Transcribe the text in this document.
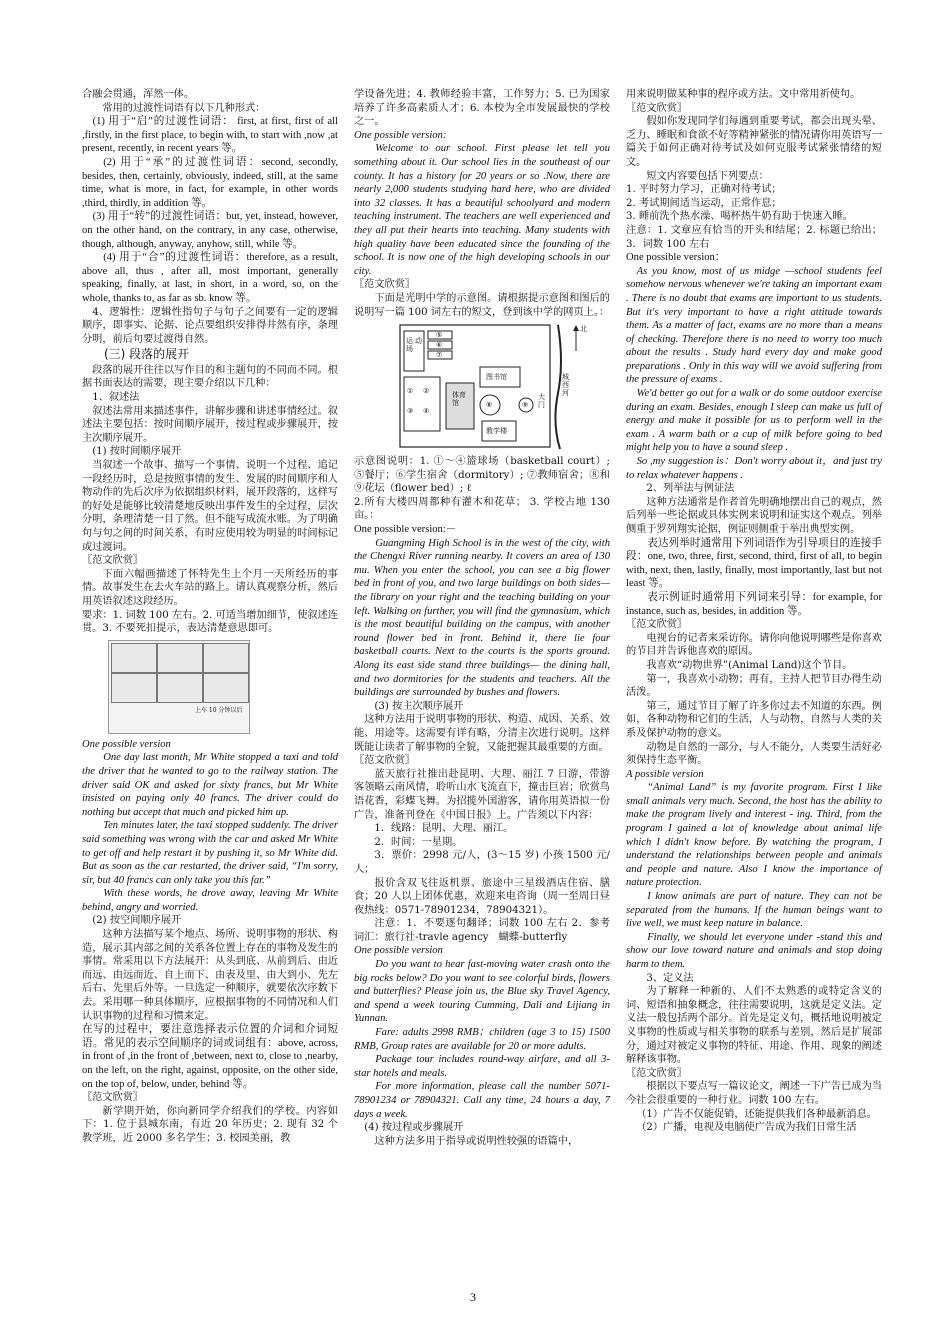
合融会贯通，浑然一体。

常用的过渡性词语有以下几种形式：

(1) 用于“启”的过渡性词语： first, at first, first of all ,firstly, in the first place, to begin with, to start with ,now ,at present, recently, in recent years 等。

(2) 用于“承”的过渡性词语：second, secondly, besides, then, certainly, obviously, indeed, still, at the same time, what is more, in fact, for example, in other words ,third, thirdly, in addition 等。

(3) 用于“转”的过渡性词语：but, yet, instead, however, on the other hand, on the contrary, in any case, otherwise, though, although, anyway, anyhow, still, while 等。

(4) 用于“合”的过渡性词语：therefore, as a result, above all, thus , after all, most important, generally speaking, finally, at last, in short, in a word, so, on the whole, thanks to, as far as sb. know 等。

4、逻辑性：逻辑性指句子与句子之间要有一定的逻辑顺序，即事实、论据、论点要组织安排得井然有序，条理分明，前后句要过渡得自然。

(三) 段落的展开

段落的展开往往以写作目的和主题句的不同而不同。根据书面表达的需要，现主要介绍以下几种：

1、叙述法

叙述法常用来描述事件，讲解步骤和讲述事情经过。叙述法主要包括：按时间顺序展开，按过程或步骤展开，按主次顺序展开。

(1) 按时间顺序展开

当叙述一个故事、描写一个事情、说明一个过程、追记一段经历时，总是按照事情的发生、发展的时间顺序和人物动作的先后次序为依据组织材料，展开段落的，这样写的好处是能够比较清楚地反映出事件发生的全过程，层次分明，条理清楚一目了然。但不能写成流水账。为了明确句与句之间的时间关系，有时应使用较为明显的时间标记或过渡词。

〖范文欣赏〗

下面六幅画描述了怀特先生上个月一天所经历的事情。故事发生在去火车站的路上。请认真观察分析，然后用英语叙述这段经历。

要求：1. 词数 100 左右。2. 可适当增加细节，使叙述连贯。3. 不要死扣提示，表达清楚意思即可。

上车 10 分钟以后

One possible version

One day last month, Mr White stopped a taxi and told the driver that he wanted to go to the railway station. The driver said OK and asked for sixty francs, but Mr White insisted on paying only 40 francs. The driver could do nothing but accept that much and picked him up.

Ten minutes later, the taxi stopped suddenly. The driver said something was wrong with the car and asked Mr White to get off and help restart it by pushing it, so Mr White did. But as soon as the car restarted, the driver said, “I'm sorry, sir, but 40 francs can only take you this far.”

With these words, he drove away, leaving Mr White behind, angry and worried.

(2) 按空间顺序展开

这种方法描写某个地点、场所、说明事物的形状、构造，展示其内部之间的关系各位置上存在的事物及发生的事情。常采用以下方法展开：从头到底、从前到后、由近而远、由远而近、自上而下、由表及里、由大到小、先左后右、先里后外等。一旦选定一种顺序，就要依次序数下去。采用哪一种具体顺序，应根据事物的不同情况和人们认识事物的过程和习惯来定。

在写的过程中，要注意选择表示位置的介词和介词短语。常见的表示空间顺序的词或词组有：above, across, in front of ,in the front of ,between, next to, close to ,nearby, on the left, on the right, against, opposite, on the other side, on the top of, below, under, behind 等。

〖范文欣赏〗

新学期开始，你向新同学介绍我们的学校。内容如下：1. 位于县城东南，有近 20 年历史；2. 现有 32 个教学班，近 2000 多名学生；3. 校园美丽，教

学设备先进；4. 教师经验丰富，工作努力；5. 已为国家培养了许多高素质人才；6. 本校为全市发展最快的学校之一。

One possible version:

Welcome to our school. First please let tell you something about it. Our school lies in the southeast of our county. It has a history for 20 years or so .Now, there are nearly 2,000 students studying hard here, who are divided into 32 classes. It has a beautiful schoolyard and modern teaching instrument. The teachers are well experienced and they all put their hearts into teaching. Many students with high quality have been educated since the founding of the school. It is now one of the high developing schools in our city.

〖范文欣赏〗

下面是光明中学的示意图。请根据提示意图和图后的说明写一篇 100 词左右的短文，登到该中学的网页上。：

运动场
⑤
⑥
⑦
① ②
③ ④
体育馆	⑧	⑨
图书馆
教学楼
大门
城西河
北

示意图说明：1. ①～④篮球场（basketball court）; ⑤餐厅；⑥学生宿舍（dormitory）; ⑦教师宿舍；⑧和⑨花坛（flower bed）; ℓ

2.所有大楼四周都种有灌木和花草； 3. 学校占地 130 亩。：

One possible version:－

Guangming High School is in the west of the city, with the Chengxi River running nearby. It covers an area of 130 mu. When you enter the school, you can see a big flower bed in front of you, and two large buildings on both sides— the library on your right and the teaching building on your left. Walking on further, you will find the gymnasium, which is the most beautiful building on the campus, with another round flower bed in front. Behind it, there lie four basketball courts. Next to the courts is the sports ground. Along its east side stand three buildings— the dining hall, and two dormitories for the students and teachers. All the buildings are surrounded by bushes and flowers.

(3) 按主次顺序展开

这种方法用于说明事物的形状、构造、成因、关系、效能、用途等。这需要有详有略，分清主次进行说明。这样既能让读者了解事物的全貌，又能把握其最重要的方面。

〖范文欣赏〗

蓝天旅行社推出赴昆明、大理、丽江 7 日游，带游客领略云南风情，聆听山水飞流直下，撞击巨岩；欣赏鸟语花香，彩蝶飞舞。为招揽外国游客，请你用英语拟一份广告，准备刊登在《中国日报》上。广告须以下内容：

1．线路：昆明、大理、丽江。

2．时间：一星期。

3．票价：2998 元/人，(3～15 岁) 小孩 1500 元/人；

报价含双飞往返机票、旅途中三星级酒店住宿、膳食；20 人以上团体优惠，欢迎来电咨询（周一至周日昼夜热线：0571-78901234，78904321）。

注意：1．不要逐句翻译；词数 100 左右 2．参考词汇：旅行社-travle agency　蝴蝶-butterfly

One possible version

Do you want to hear fast-moving water crash onto the big rocks below? Do you want to see colorful birds, flowers and butterflies? Please join us, the Blue sky Travel Agency, and spend a week touring Cumming, Dali and Lijiang in Yunnan.

Fare: adults 2998 RMB；children (age 3 to 15) 1500 RMB, Group rates are available for 20 or more adults.

Package tour includes round-way airfare, and all 3-star hotels and meals.

For more information, please call the number 5071-78901234 or 78904321. Call any time, 24 hours a day, 7 days a week.

(4) 按过程或步骤展开

这种方法多用于指导或说明性较强的语篇中，

用来说明做某种事的程序或方法。文中常用祈使句。

〖范文欣赏〗

假如你发现同学们每遇到重要考试，都会出现头晕、乏力、睡眠和食欲不好等精神紧张的情况请你用英语写一篇关于如何正确对待考试及如何克服考试紧张情绪的短文。

短文内容要包括下列要点：

1. 平时努力学习，正确对待考试；

2. 考试期间适当运动，正常作息；

3. 睡前洗个热水澡、喝杯热牛奶有助于快速入睡。

注意：1. 文章应有恰当的开头和结尾；2. 标题已给出；3．词数 100 左右

One possible version：

As you know, most of us midge —school students feel somehow nervous whenever we're taking an important exam . There is no doubt that exams are important to us students. But it's very important to have a right attitude towards them. As a matter of fact, exams are no more than a means of checking. Therefore there is no need to worry too much about the results . Study hard every day and make good preparations . Only in this way will we avoid suffering from the pressure of exams .

We'd better go out for a walk or do some outdoor exercise during an exam. Besides, enough I sleep can make us full of energy and make it possible for us to perform well in the exam . A warm bath or a cup of milk before going to bed might help you to have a sound sleep .

So ,my suggestion is：Don't worry about it，and just try to relax whatever happens .

2、列举法与例证法

这种方法通常是作者首先明确地摆出自己的观点，然后列举一些论据或具体实例来说明和证实这个观点。列举侧重于罗列翔实论据，例证则侧重于举出典型实例。

表达列举时通常用下列词语作为引导项目的连接手段：one, two, three, first, second, third, first of all, to begin with, next, then, lastly, finally, most importantly, last but not least 等。

表示例证时通常用下列词来引导：for example, for instance, such as, besides, in addition 等。

〖范文欣赏〗

电视台的记者来采访你。请你向他说明哪些是你喜欢的节目并告诉他喜欢的原因。

我喜欢“动物世界”(Animal Land)这个节目。

第一，我喜欢小动物；再有，主持人把节目办得生动活泼。

第三，通过节目了解了许多你过去不知道的东西。例如，各种动物和它们的生活，人与动物，自然与人类的关系及保护动物的意义。

动物是自然的一部分，与人不能分，人类要生活好必须保持生态平衡。

A possible version

“Animal Land” is my favorite program. First I like small animals very much. Second, the host has the ability to make the program lively and interest - ing. Third, from the program I gained a lot of knowledge about animal life which I didn't know before. By watching the program, I understand the relationships between people and animals and people and nature. Also I know the importance of nature protection.

I know animals are part of nature. They can not be separated from the humans. If the human beings want to live well, we must keep nature in balance.

Finally, we should let everyone under -stand this and show our love toward nature and animals and stop doing harm to them.

3、定义法

为了解释一种新的、人们不太熟悉的或特定含义的词、短语和抽象概念，往往需要说明，这就是定义法。定义法一般包括两个部分。首先是定义句，概括地说明被定义事物的性质或与相关事物的联系与差别，然后是扩展部分，通过对被定义事物的特征、用途、作用、现象的阐述解释该事物。

〖范文欣赏〗

根据以下要点写一篇议论文，阐述一下广告已成为当今社会很重要的一种行业。词数 100 左右。

（1）广告不仅能促销，还能提供我们各种最新消息。

（2）广播，电视及电脑使广告成为我们日常生活

3
